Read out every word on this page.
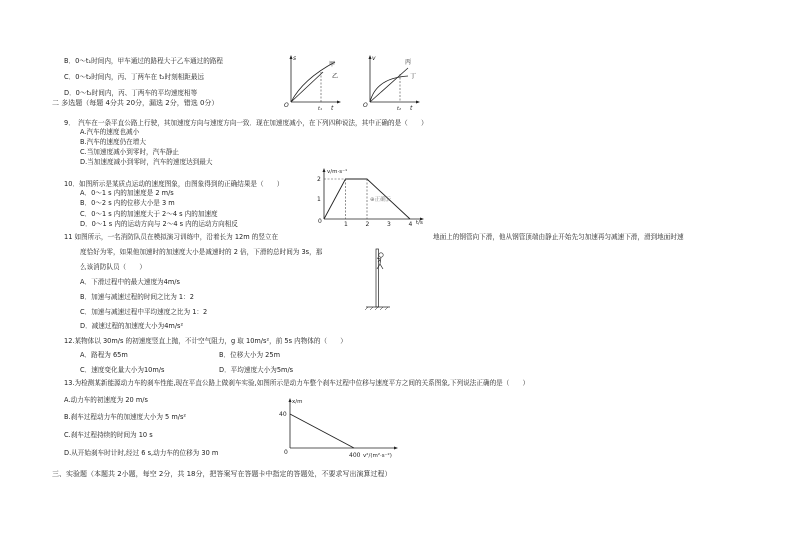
B．0～t₁时间内，甲车通过的路程大于乙车通过的路程
C．0～t₂时间内，丙、丁两车在 t₂时刻相距最远
D．0～t₂时间内，丙、丁两车的平均速度相等
二 多选题（每题 4分共 20分，漏选 2分，错选 0分）
s
O
甲
乙
t₁ t
v
O
丙
丁
t₂ t
9．　汽车在一条平直公路上行驶，其加速度方向与速度方向一致．现在加速度减小，在下列四种说法，其中正确的是（　　）
A.汽车的速度也减小
B.汽车的速度仍在增大
C.当加速度减小到零时，汽车静止
D.当加速度减小到零时，汽车的速度达到最大
10．如图所示是某质点运动的速度图象，由图象得到的正确结果是（　　）
A．0～1 s 内的加速度是 2 m/s
B．0～2 s 内的位移大小是 3 m
C．0～1 s 内的加速度大于 2～4 s 内的加速度
D．0～1 s 内的运动方向与 2～4 s 内的运动方向相反
v/m·s⁻¹
t/s
0
⊕正确云
1	2	3	4
1
2
11 如图所示，一名消防队员在模拟演习训练中，沿着长为 12m 的竖立在	地面上的钢管向下滑，他从钢管顶端由静止开始先匀加速再匀减速下滑，滑到地面时速
度恰好为零，如果他加速时的加速度大小是减速时的 2 倍，下滑的总时间为 3s，那
么该消防队员（　　）
A．下滑过程中的最大速度为4m/s
B．加速与减速过程的时间之比为 1：2
C．加速与减速过程中平均速度之比为 1：2
D．减速过程的加速度大小为4m/s²
12.某物体以 30m/s 的初速度竖直上抛，不计空气阻力，g 取 10m/s²，前 5s 内物体的（　　）
A．路程为 65m	B．位移大小为 25m
C．速度变化量大小为10m/s	D．平均速度大小为5m/s
13.为检测某新能源动力车的刹车性能,现在平直公路上做刹车实验,如图所示是动力车整个刹车过程中位移与速度平方之间的关系图象,下列说法正确的是（　　）
A.动力车的初速度为 20 m/s
B.刹车过程动力车的加速度大小为 5 m/s²
C.刹车过程持续的时间为 10 s
D.从开始刹车时计时,经过 6 s,动力车的位移为 30 m
x/m
v²/(m²·s⁻²)
0
40
400
三、实验题（本题共 2小题，每空 2分，共 18分，把答案写在答题卡中指定的答题处，不要求写出演算过程）
